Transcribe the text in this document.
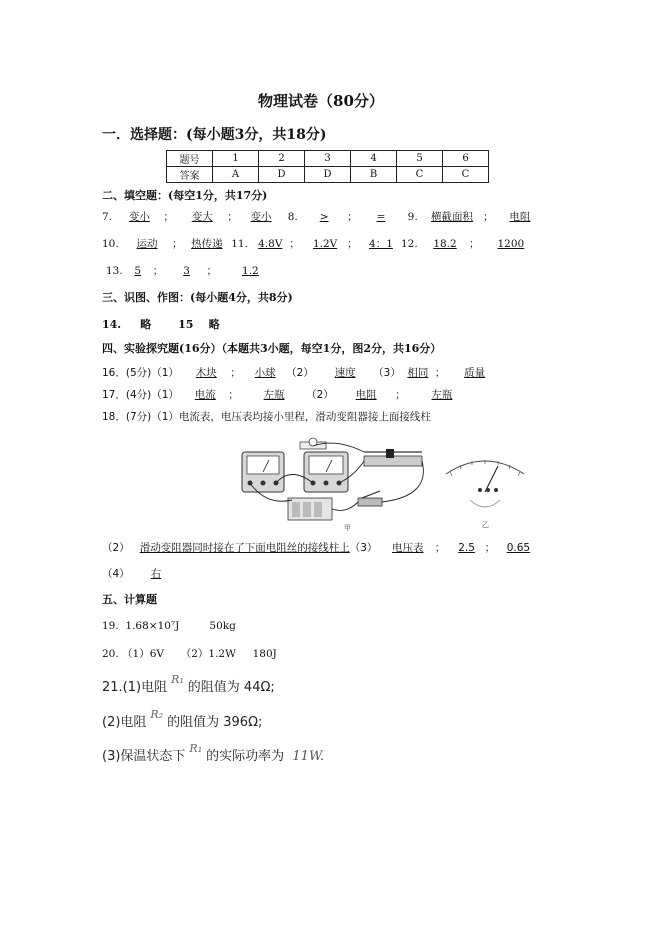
物理试卷（80分）
一．选择题：(每小题3分，共18分)
题号	1	2	3	4	5	6
答案	A	D	D	B	C	C
二、填空题：(每空1分，共17分)
7. 变小 ； 变大 ； 变小 8. > ； = 9. 横截面积 ； 电阻
10. 运动 ； 热传递 11. 4.8V ； 1.2V ； 4：1 12. 18.2 ； 1200
13. 5 ； 3 ； 1.2
三、识图、作图：(每小题4分，共8分)
14. 略 15 略
四、实验探究题(16分）（本题共3小题，每空1分，图2分，共16分）
16．(5分)（1） 木块 ； 小球 （2） 速度 （3） 相同 ； 质量
17．(4分)（1） 电流 ； 左瓶 （2） 电阻 ； 左瓶
18．(7分)（1）电流表，电压表均接小里程，滑动变阻器接上面接线柱
甲	乙
（2） 滑动变阻器同时接在了下面电阻丝的接线柱上（3） 电压表 ； 2.5 ； 0.65
（4） 右
五、计算题
19. 1.68×10⁷J	50kg
20. （1）6V （2）1.2W 180J
21.(1)电阻$^{R_1}$的阻值为 44Ω;
(2)电阻$^{R_2}$的阻值为 396Ω;
(3)保温状态下$^{R_1}$的实际功率为 11W.
